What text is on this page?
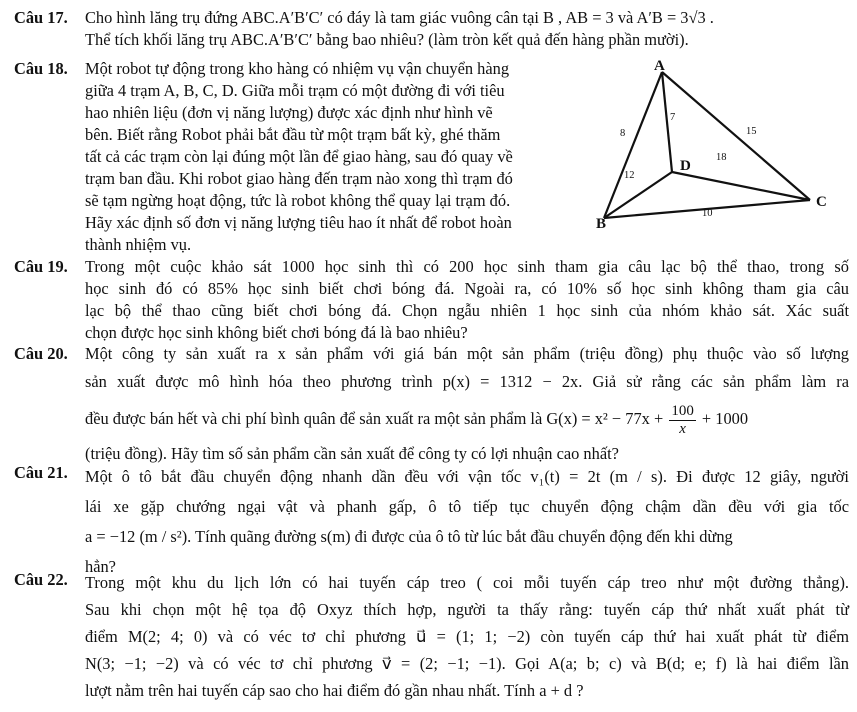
Câu 17. Cho hình lăng trụ đứng ABC.A′B′C′ có đáy là tam giác vuông cân tại B , AB = 3 và A′B = 3√3 .
Thể tích khối lăng trụ ABC.A′B′C′ bằng bao nhiêu? (làm tròn kết quả đến hàng phần mười).
Câu 18. Một robot tự động trong kho hàng có nhiệm vụ vận chuyển hàng
giữa 4 trạm A, B, C, D. Giữa mỗi trạm có một đường đi với tiêu
hao nhiên liệu (đơn vị năng lượng) được xác định như hình vẽ
bên. Biết rằng Robot phải bắt đầu từ một trạm bất kỳ, ghé thăm
tất cả các trạm còn lại đúng một lần để giao hàng, sau đó quay về
trạm ban đầu. Khi robot giao hàng đến trạm nào xong thì trạm đó
sẽ tạm ngừng hoạt động, tức là robot không thể quay lại trạm đó.
Hãy xác định số đơn vị năng lượng tiêu hao ít nhất để robot hoàn
thành nhiệm vụ.
A
B
C
D
7
8	15
18
12
10
Câu 19. Trong một cuộc khảo sát 1000 học sinh thì có 200 học sinh tham gia câu lạc bộ thể thao, trong số
học sinh đó có 85% học sinh biết chơi bóng đá. Ngoài ra, có 10% số học sinh không tham gia câu
lạc bộ thể thao cũng biết chơi bóng đá. Chọn ngẫu nhiên 1 học sinh của nhóm khảo sát. Xác suất
chọn được học sinh không biết chơi bóng đá là bao nhiêu?
Câu 20. Một công ty sản xuất ra x sản phẩm với giá bán một sản phẩm (triệu đồng) phụ thuộc vào số lượng
sản xuất được mô hình hóa theo phương trình p(x) = 1312 − 2x. Giả sử rằng các sản phẩm làm ra
đều được bán hết và chi phí bình quân để sản xuất ra một sản phẩm là $G(x) = x^2 - 77x + \frac{100}{x} + 1000$
(triệu đồng). Hãy tìm số sản phẩm cần sản xuất để công ty có lợi nhuận cao nhất?
Câu 21. Một ô tô bắt đầu chuyển động nhanh dần đều với vận tốc v₁(t) = 2t (m / s). Đi được 12 giây, người
lái xe gặp chướng ngại vật và phanh gấp, ô tô tiếp tục chuyển động chậm dần đều với gia tốc
a = −12 (m / s²). Tính quãng đường s(m) đi được của ô tô từ lúc bắt đầu chuyển động đến khi dừng
hẳn?
Câu 22. Trong một khu du lịch lớn có hai tuyến cáp treo ( coi mỗi tuyến cáp treo như một đường thẳng).
Sau khi chọn một hệ tọa độ Oxyz thích hợp, người ta thấy rằng: tuyến cáp thứ nhất xuất phát từ
điểm M(2; 4; 0) và có véc tơ chỉ phương u⃗ = (1; 1; −2) còn tuyến cáp thứ hai xuất phát từ điểm
N(3; −1; −2) và có véc tơ chỉ phương v⃗ = (2; −1; −1). Gọi A(a; b; c) và B(d; e; f) là hai điểm lần
lượt nằm trên hai tuyến cáp sao cho hai điểm đó gần nhau nhất. Tính a + d ?
